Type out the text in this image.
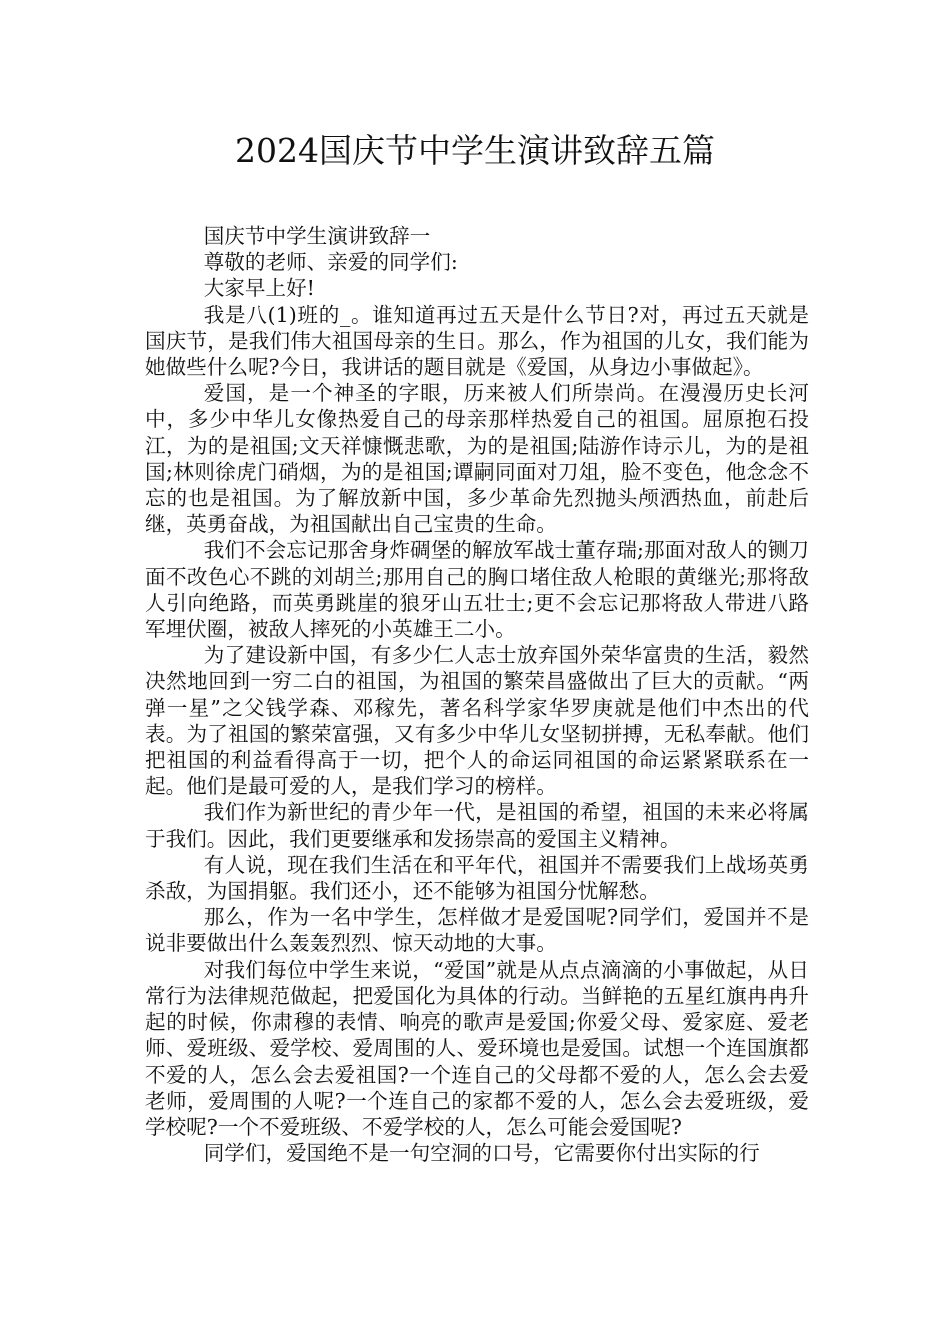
2024国庆节中学生演讲致辞五篇

国庆节中学生演讲致辞一

尊敬的老师、亲爱的同学们:

大家早上好!

我是八(1)班的_。谁知道再过五天是什么节日?对，再过五天就是国庆节，是我们伟大祖国母亲的生日。那么，作为祖国的儿女，我们能为她做些什么呢?今日，我讲话的题目就是《爱国，从身边小事做起》。

爱国，是一个神圣的字眼，历来被人们所崇尚。在漫漫历史长河中，多少中华儿女像热爱自己的母亲那样热爱自己的祖国。屈原抱石投江，为的是祖国;文天祥慷慨悲歌，为的是祖国;陆游作诗示儿，为的是祖国;林则徐虎门硝烟，为的是祖国;谭嗣同面对刀俎，脸不变色，他念念不忘的也是祖国。为了解放新中国，多少革命先烈抛头颅洒热血，前赴后继，英勇奋战，为祖国献出自己宝贵的生命。

我们不会忘记那舍身炸碉堡的解放军战士董存瑞;那面对敌人的铡刀面不改色心不跳的刘胡兰;那用自己的胸口堵住敌人枪眼的黄继光;那将敌人引向绝路，而英勇跳崖的狼牙山五壮士;更不会忘记那将敌人带进八路军埋伏圈，被敌人摔死的小英雄王二小。

为了建设新中国，有多少仁人志士放弃国外荣华富贵的生活，毅然决然地回到一穷二白的祖国，为祖国的繁荣昌盛做出了巨大的贡献。“两弹一星”之父钱学森、邓稼先，著名科学家华罗庚就是他们中杰出的代表。为了祖国的繁荣富强，又有多少中华儿女坚韧拼搏，无私奉献。他们把祖国的利益看得高于一切，把个人的命运同祖国的命运紧紧联系在一起。他们是最可爱的人，是我们学习的榜样。

我们作为新世纪的青少年一代，是祖国的希望，祖国的未来必将属于我们。因此，我们更要继承和发扬崇高的爱国主义精神。

有人说，现在我们生活在和平年代，祖国并不需要我们上战场英勇杀敌，为国捐躯。我们还小，还不能够为祖国分忧解愁。

那么，作为一名中学生，怎样做才是爱国呢?同学们，爱国并不是说非要做出什么轰轰烈烈、惊天动地的大事。

对我们每位中学生来说，“爱国”就是从点点滴滴的小事做起，从日常行为法律规范做起，把爱国化为具体的行动。当鲜艳的五星红旗冉冉升起的时候，你肃穆的表情、响亮的歌声是爱国;你爱父母、爱家庭、爱老师、爱班级、爱学校、爱周围的人、爱环境也是爱国。试想一个连国旗都不爱的人，怎么会去爱祖国?一个连自己的父母都不爱的人，怎么会去爱老师，爱周围的人呢?一个连自己的家都不爱的人，怎么会去爱班级，爱学校呢?一个不爱班级、不爱学校的人，怎么可能会爱国呢?

同学们，爱国绝不是一句空洞的口号，它需要你付出实际的行
